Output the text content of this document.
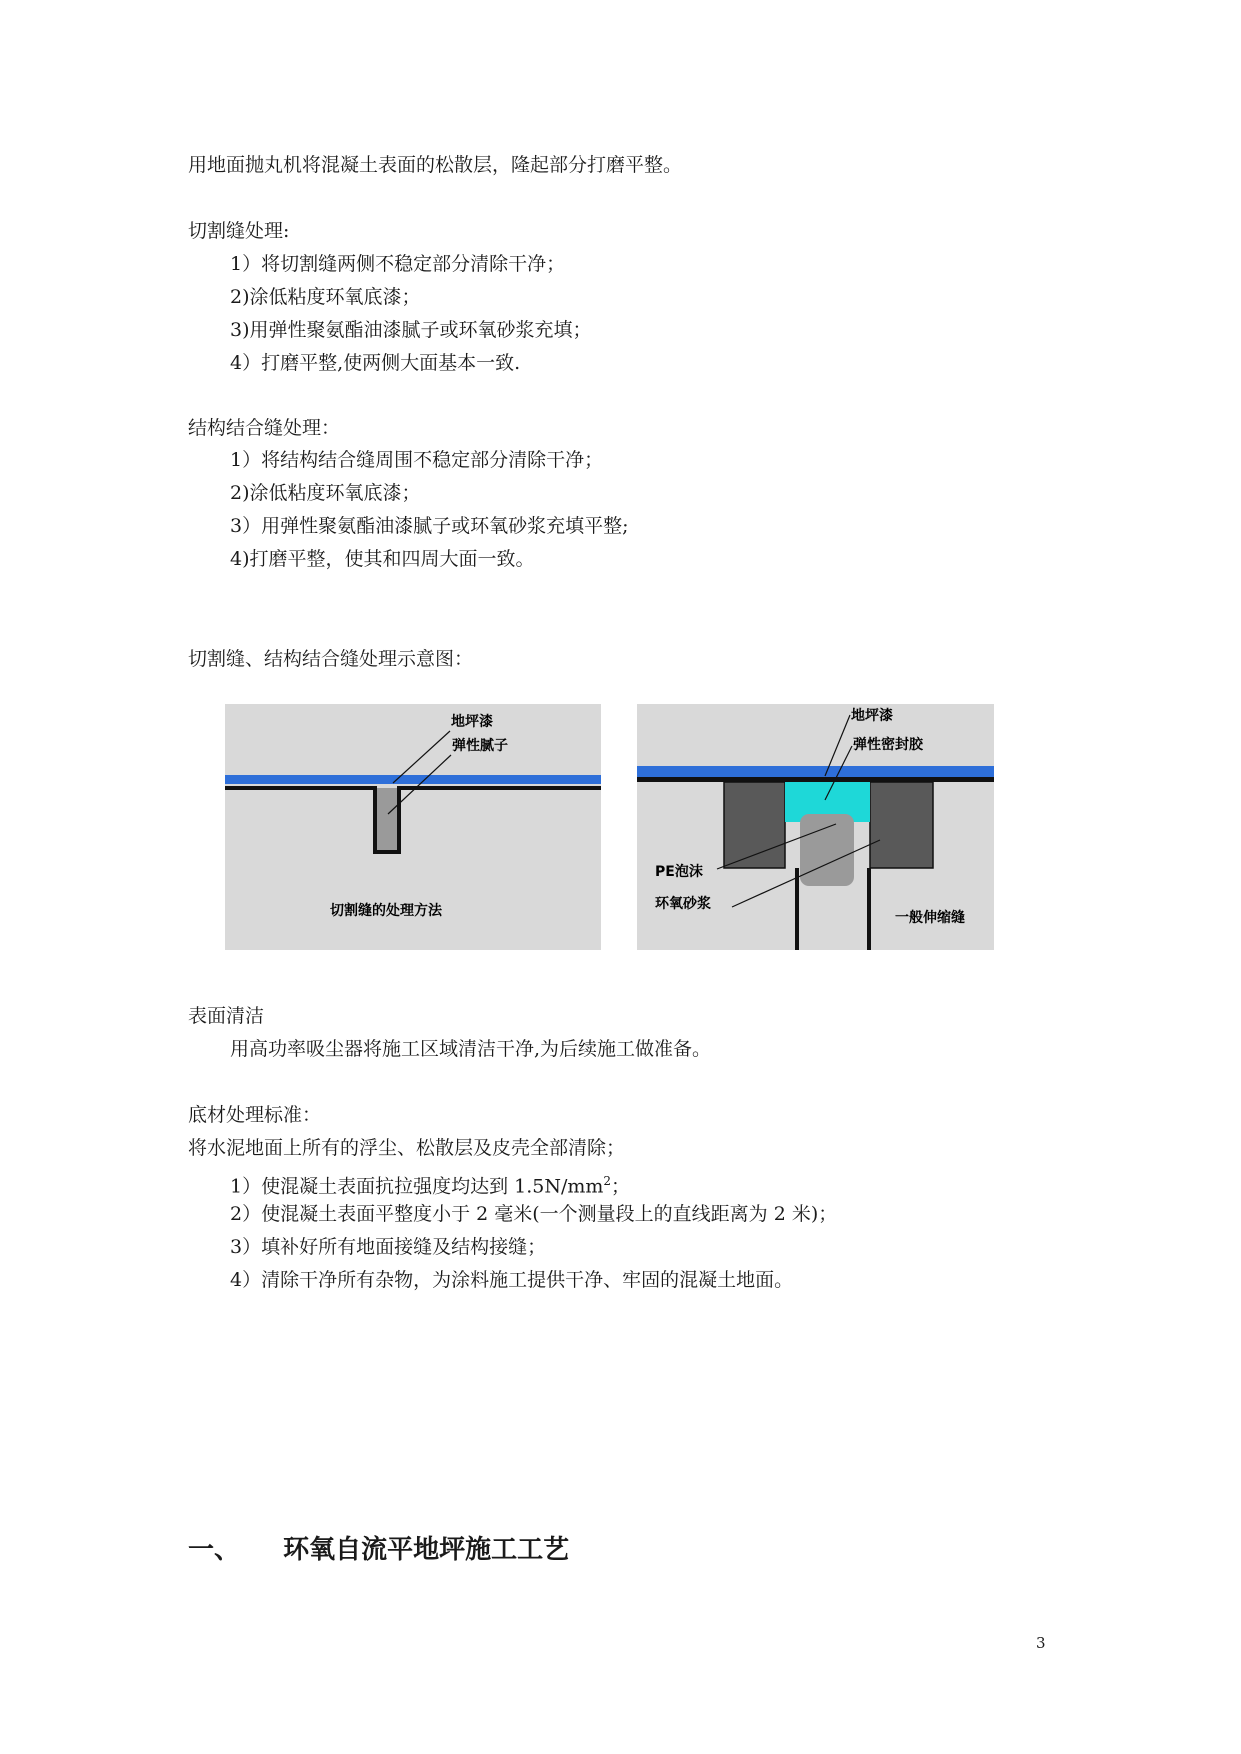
用地面抛丸机将混凝土表面的松散层，隆起部分打磨平整。
切割缝处理:
1）将切割缝两侧不稳定部分清除干净；
2)涂低粘度环氧底漆；
3)用弹性聚氨酯油漆腻子或环氧砂浆充填；
4）打磨平整,使两侧大面基本一致.
结构结合缝处理：
1）将结构结合缝周围不稳定部分清除干净；
2)涂低粘度环氧底漆；
3）用弹性聚氨酯油漆腻子或环氧砂浆充填平整;
4)打磨平整，使其和四周大面一致。
切割缝、结构结合缝处理示意图：
地坪漆
弹性腻子
切割缝的处理方法
地坪漆
弹性密封胶
PE泡沫
环氧砂浆
一般伸缩缝
表面清洁
用高功率吸尘器将施工区域清洁干净,为后续施工做准备。
底材处理标准：
将水泥地面上所有的浮尘、松散层及皮壳全部清除；
1）使混凝土表面抗拉强度均达到 $1.5N/mm^2$；
2）使混凝土表面平整度小于 2 毫米(一个测量段上的直线距离为 2 米)；
3）填补好所有地面接缝及结构接缝；
4）清除干净所有杂物，为涂料施工提供干净、牢固的混凝土地面。
一、 环氧自流平地坪施工工艺
3
